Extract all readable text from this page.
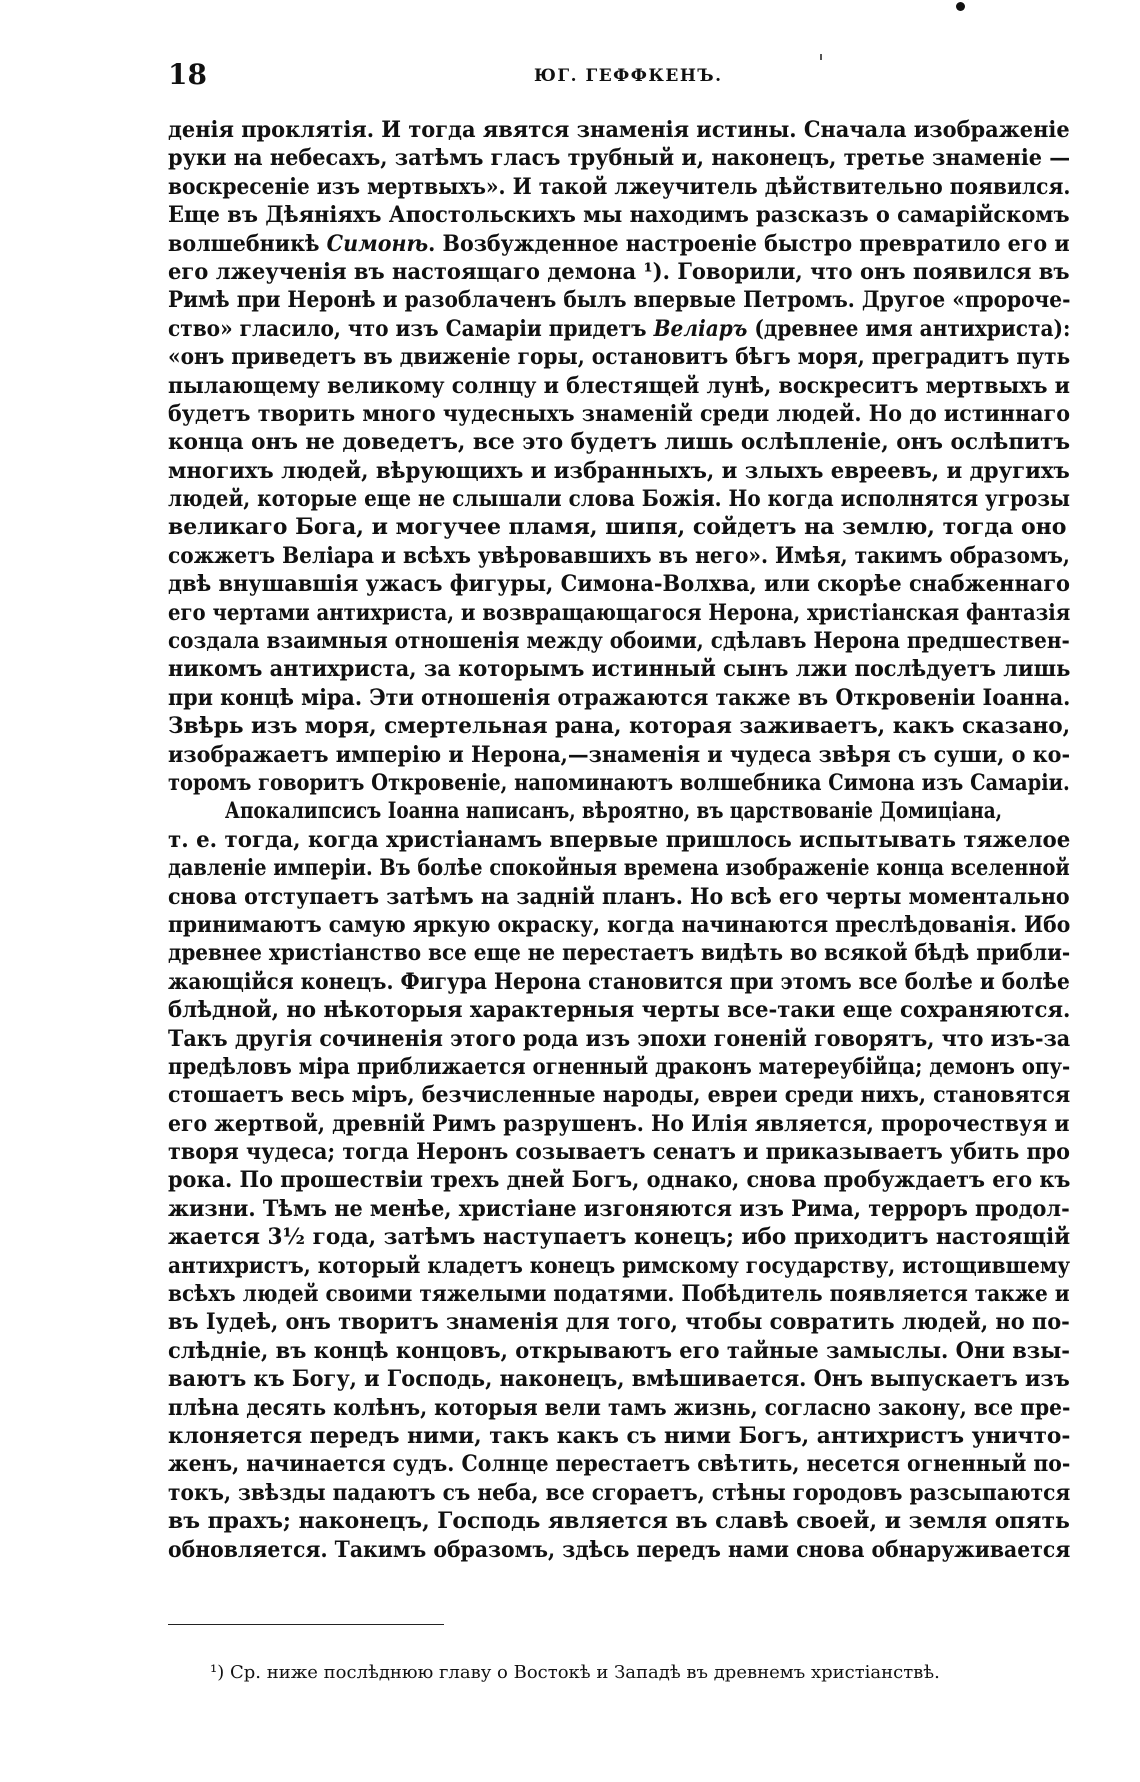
18	ЮГ. ГЕФФКЕНЪ.
денія проклятія. И тогда явятся знаменія истины. Сначала изображеніе
руки на небесахъ, затѣмъ гласъ трубный и, наконецъ, третье знаменіе —
воскресеніе изъ мертвыхъ». И такой лжеучитель дѣйствительно появился.
Еще въ Дѣяніяхъ Апостольскихъ мы находимъ разсказъ о самарійскомъ
волшебникѣ Симонѣ. Возбужденное настроеніе быстро превратило его и
его лжеученія въ настоящаго демона ¹). Говорили, что онъ появился въ
Римѣ при Неронѣ и разоблаченъ былъ впервые Петромъ. Другое «пророче-
ство» гласило, что изъ Самаріи придетъ Веліаръ (древнее имя антихриста):
«онъ приведетъ въ движеніе горы, остановитъ бѣгъ моря, преградитъ путь
пылающему великому солнцу и блестящей лунѣ, воскреситъ мертвыхъ и
будетъ творить много чудесныхъ знаменій среди людей. Но до истиннаго
конца онъ не доведетъ, все это будетъ лишь ослѣпленіе, онъ ослѣпитъ
многихъ людей, вѣрующихъ и избранныхъ, и злыхъ евреевъ, и другихъ
людей, которые еще не слышали слова Божія. Но когда исполнятся угрозы
великаго Бога, и могучее пламя, шипя, сойдетъ на землю, тогда оно
сожжетъ Веліара и всѣхъ увѣровавшихъ въ него». Имѣя, такимъ образомъ,
двѣ внушавшія ужасъ фигуры, Симона-Волхва, или скорѣе снабженнаго
его чертами антихриста, и возвращающагося Нерона, христіанская фантазія
создала взаимныя отношенія между обоими, сдѣлавъ Нерона предшествен-
никомъ антихриста, за которымъ истинный сынъ лжи послѣдуетъ лишь
при концѣ міра. Эти отношенія отражаются также въ Откровеніи Іоанна.
Звѣрь изъ моря, смертельная рана, которая заживаетъ, какъ сказано,
изображаетъ имперію и Нерона,—знаменія и чудеса звѣря съ суши, о ко-
торомъ говоритъ Откровеніе, напоминаютъ волшебника Симона изъ Самаріи.
Апокалипсисъ Іоанна написанъ, вѣроятно, въ царствованіе Домиціана,
т. е. тогда, когда христіанамъ впервые пришлось испытывать тяжелое
давленіе имперіи. Въ болѣе спокойныя времена изображеніе конца вселенной
снова отступаетъ затѣмъ на задній планъ. Но всѣ его черты моментально
принимаютъ самую яркую окраску, когда начинаются преслѣдованія. Ибо
древнее христіанство все еще не перестаетъ видѣть во всякой бѣдѣ прибли-
жающійся конецъ. Фигура Нерона становится при этомъ все болѣе и болѣе
блѣдной, но нѣкоторыя характерныя черты все-таки еще сохраняются.
Такъ другія сочиненія этого рода изъ эпохи гоненій говорятъ, что изъ-за
предѣловъ міра приближается огненный драконъ матереубійца; демонъ опу-
стошаетъ весь міръ, безчисленные народы, евреи среди нихъ, становятся
его жертвой, древній Римъ разрушенъ. Но Илія является, пророчествуя и
творя чудеса; тогда Неронъ созываетъ сенатъ и приказываетъ убить про
рока. По прошествіи трехъ дней Богъ, однако, снова пробуждаетъ его къ
жизни. Тѣмъ не менѣе, христіане изгоняются изъ Рима, терроръ продол-
жается 3½ года, затѣмъ наступаетъ конецъ; ибо приходитъ настоящій
антихристъ, который кладетъ конецъ римскому государству, истощившему
всѣхъ людей своими тяжелыми податями. Побѣдитель появляется также и
въ Іудеѣ, онъ творитъ знаменія для того, чтобы совратить людей, но по-
слѣдніе, въ концѣ концовъ, открываютъ его тайные замыслы. Они взы-
ваютъ къ Богу, и Господь, наконецъ, вмѣшивается. Онъ выпускаетъ изъ
плѣна десять колѣнъ, которыя вели тамъ жизнь, согласно закону, все пре-
клоняется передъ ними, такъ какъ съ ними Богъ, антихристъ уничто-
женъ, начинается судъ. Солнце перестаетъ свѣтить, несется огненный по-
токъ, звѣзды падаютъ съ неба, все сгораетъ, стѣны городовъ разсыпаются
въ прахъ; наконецъ, Господь является въ славѣ своей, и земля опять
обновляется. Такимъ образомъ, здѣсь передъ нами снова обнаруживается
¹) Ср. ниже послѣднюю главу о Востокѣ и Западѣ въ древнемъ христіанствѣ.
